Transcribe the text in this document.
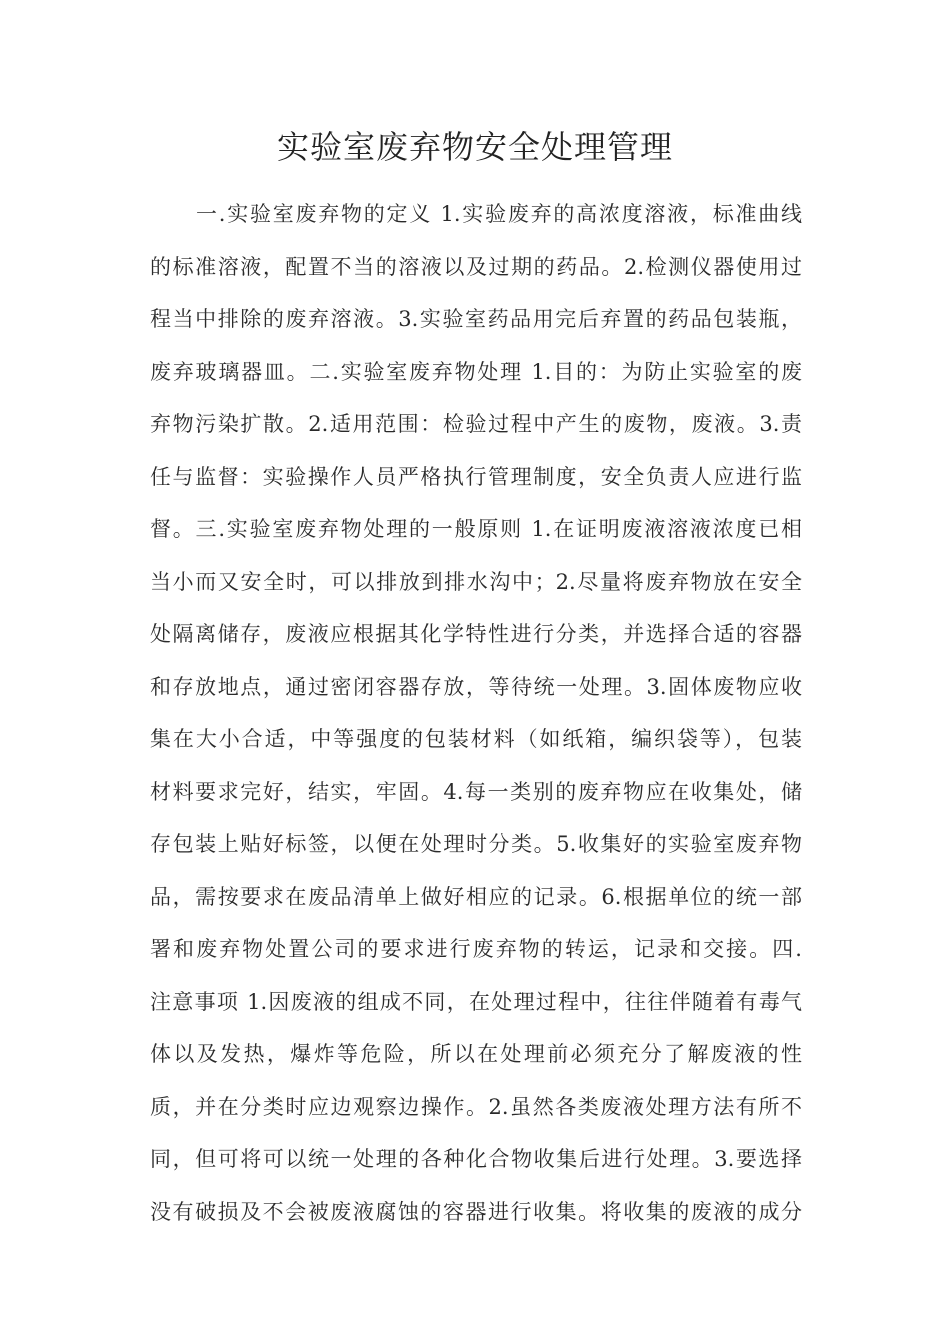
实验室废弃物安全处理管理
一.实验室废弃物的定义 1.实验废弃的高浓度溶液，标准曲线
的标准溶液，配置不当的溶液以及过期的药品。2.检测仪器使用过
程当中排除的废弃溶液。3.实验室药品用完后弃置的药品包装瓶，
废弃玻璃器皿。二.实验室废弃物处理 1.目的：为防止实验室的废
弃物污染扩散。2.适用范围：检验过程中产生的废物，废液。3.责
任与监督：实验操作人员严格执行管理制度，安全负责人应进行监
督。三.实验室废弃物处理的一般原则 1.在证明废液溶液浓度已相
当小而又安全时，可以排放到排水沟中；2.尽量将废弃物放在安全
处隔离储存，废液应根据其化学特性进行分类，并选择合适的容器
和存放地点，通过密闭容器存放，等待统一处理。3.固体废物应收
集在大小合适，中等强度的包装材料（如纸箱，编织袋等），包装
材料要求完好，结实，牢固。4.每一类别的废弃物应在收集处，储
存包装上贴好标签，以便在处理时分类。5.收集好的实验室废弃物
品，需按要求在废品清单上做好相应的记录。6.根据单位的统一部
署和废弃物处置公司的要求进行废弃物的转运，记录和交接。四.
注意事项 1.因废液的组成不同，在处理过程中，往往伴随着有毒气
体以及发热，爆炸等危险，所以在处理前必须充分了解废液的性
质，并在分类时应边观察边操作。2.虽然各类废液处理方法有所不
同，但可将可以统一处理的各种化合物收集后进行处理。3.要选择
没有破损及不会被废液腐蚀的容器进行收集。将收集的废液的成分
